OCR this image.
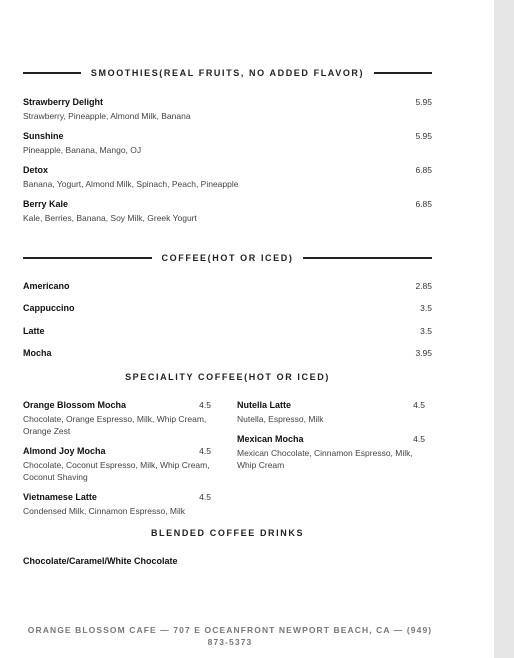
SMOOTHIES(REAL FRUITS, NO ADDED FLAVOR)
Strawberry Delight	5.95
Strawberry, Pineapple, Almond Milk, Banana
Sunshine	5.95
Pineapple, Banana, Mango, OJ
Detox	6.85
Banana, Yogurt, Almond Milk, Spinach, Peach, Pineapple
Berry Kale	6.85
Kale, Berries, Banana, Soy Milk, Greek Yogurt
COFFEE(HOT OR ICED)
Americano	2.85
Cappuccino	3.5
Latte	3.5
Mocha	3.95
SPECIALITY COFFEE(HOT OR ICED)
Orange Blossom Mocha	4.5
Chocolate, Orange Espresso, Milk, Whip Cream, Orange Zest
Almond Joy Mocha	4.5
Chocolate, Coconut Espresso, Milk, Whip Cream, Coconut Shaving
Vietnamese Latte	4.5
Condensed Milk, Cinnamon Espresso, Milk
Nutella Latte	4.5
Nutella, Espresso, Milk
Mexican Mocha	4.5
Mexican Chocolate, Cinnamon Espresso, Milk, Whip Cream
BLENDED COFFEE DRINKS
Chocolate/Caramel/White Chocolate
ORANGE BLOSSOM CAFE — 707 E OCEANFRONT NEWPORT BEACH, CA — (949) 873-5373
